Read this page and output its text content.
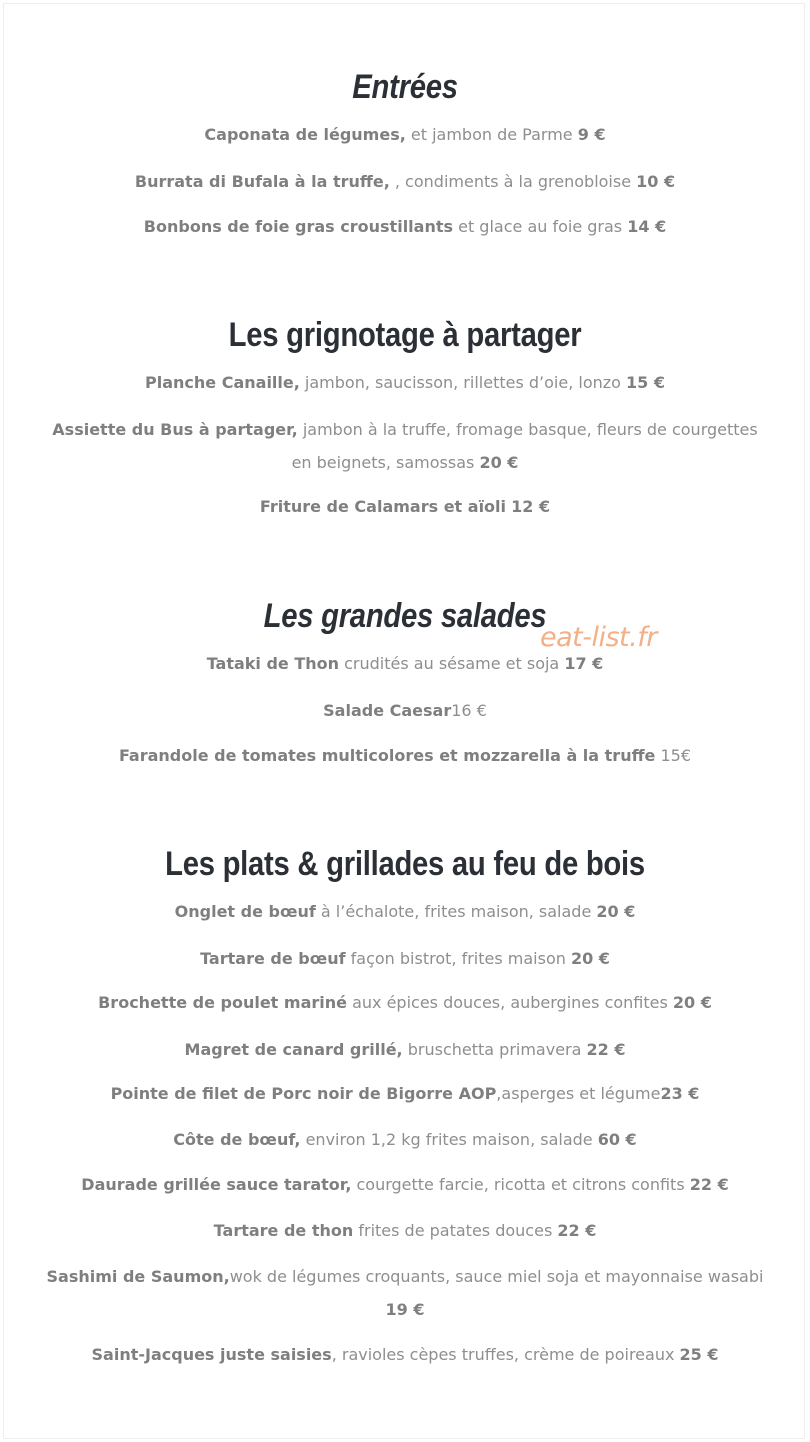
Entrées

Caponata de légumes, et jambon de Parme 9 €

Burrata di Bufala à la truffe, , condiments à la grenobloise 10 €

Bonbons de foie gras croustillants et glace au foie gras 14 €

Les grignotage à partager

Planche Canaille, jambon, saucisson, rillettes d’oie, lonzo 15 €

Assiette du Bus à partager, jambon à la truffe, fromage basque, fleurs de courgettes en beignets, samossas 20 €

Friture de Calamars et aïoli 12 €

Les grandes salades
eat-list.fr

Tataki de Thon crudités au sésame et soja 17 €

Salade Caesar16 €

Farandole de tomates multicolores et mozzarella à la truffe 15€

Les plats & grillades au feu de bois

Onglet de bœuf à l’échalote, frites maison, salade 20 €

Tartare de bœuf façon bistrot, frites maison 20 €

Brochette de poulet mariné aux épices douces, aubergines confites 20 €

Magret de canard grillé, bruschetta primavera 22 €

Pointe de filet de Porc noir de Bigorre AOP,asperges et légume23 €

Côte de bœuf, environ 1,2 kg frites maison, salade 60 €

Daurade grillée sauce tarator, courgette farcie, ricotta et citrons confits 22 €

Tartare de thon frites de patates douces 22 €

Sashimi de Saumon,wok de légumes croquants, sauce miel soja et mayonnaise wasabi 19 €

Saint-Jacques juste saisies, ravioles cèpes truffes, crème de poireaux 25 €
